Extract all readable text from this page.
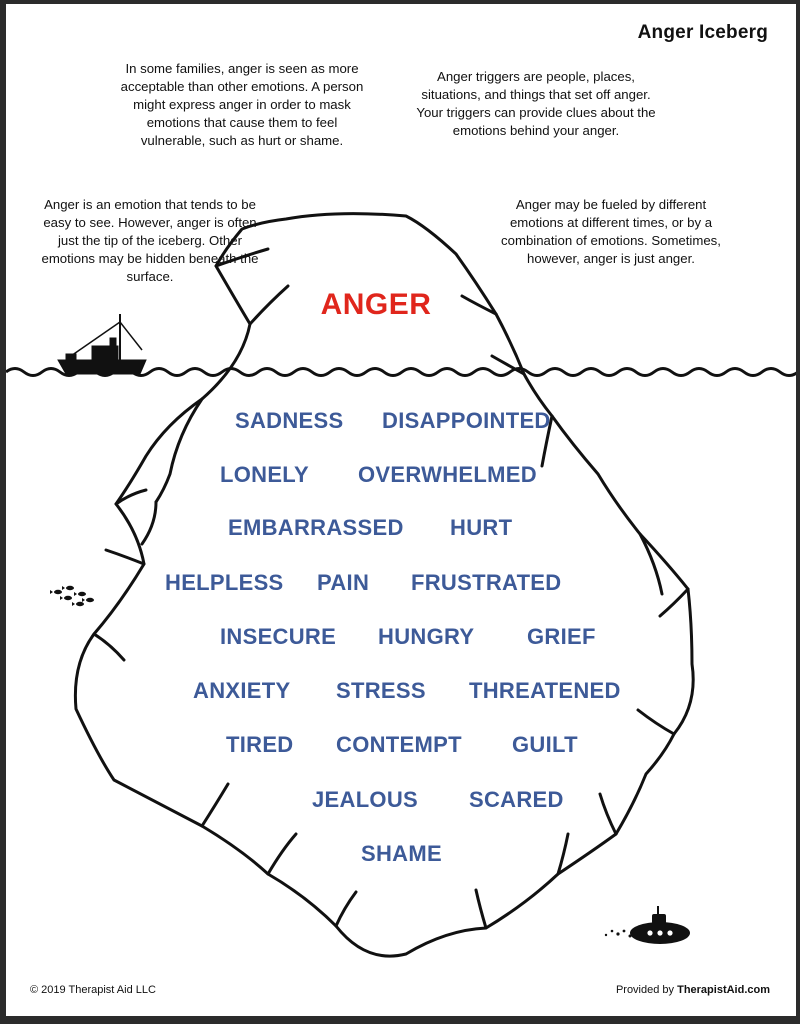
Anger Iceberg
In some families, anger is seen as more acceptable than other emotions. A person might express anger in order to mask emotions that cause them to feel vulnerable, such as hurt or shame.
Anger triggers are people, places, situations, and things that set off anger. Your triggers can provide clues about the emotions behind your anger.
Anger is an emotion that tends to be easy to see. However, anger is often just the tip of the iceberg. Other emotions may be hidden beneath the surface.
Anger may be fueled by different emotions at different times, or by a combination of emotions. Sometimes, however, anger is just anger.
ANGER
SADNESS DISAPPOINTED
LONELY OVERWHELMED
EMBARRASSED HURT
HELPLESS PAIN FRUSTRATED
INSECURE HUNGRY GRIEF
ANXIETY STRESS THREATENED
TIRED CONTEMPT GUILT
JEALOUS SCARED
SHAME
© 2019 Therapist Aid LLC	Provided by TherapistAid.com
